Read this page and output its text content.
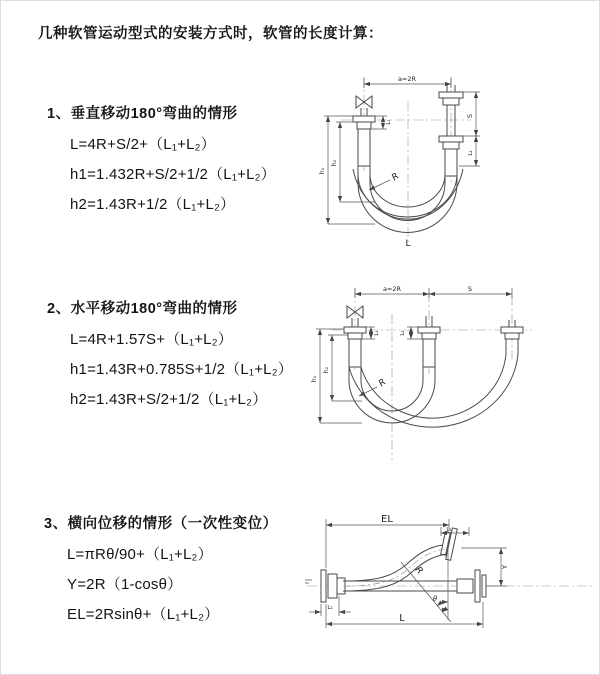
几种软管运动型式的安装方式时，软管的长度计算：
1、垂直移动180°弯曲的情形
L=4R+S/2+（L₁+L₂）
h1=1.432R+S/2+1/2（L₁+L₂）
h2=1.43R+1/2（L₁+L₂）
a=2R
S
L₂
h₁
h₂
L₁
R
L
2、水平移动180°弯曲的情形
L=4R+1.57S+（L₁+L₂）
h1=1.43R+0.785S+1/2（L₁+L₂）
h2=1.43R+S/2+1/2（L₁+L₂）
a=2R	S
h₁
h₂
L₁	L₂
R
3、横向位移的情形（一次性变位）
L=πRθ/90+（L₁+L₂）
Y=2R（1-cosθ）
EL=2Rsinθ+（L₁+L₂）
θ
R
EL
L₁
Y
L
L₂
